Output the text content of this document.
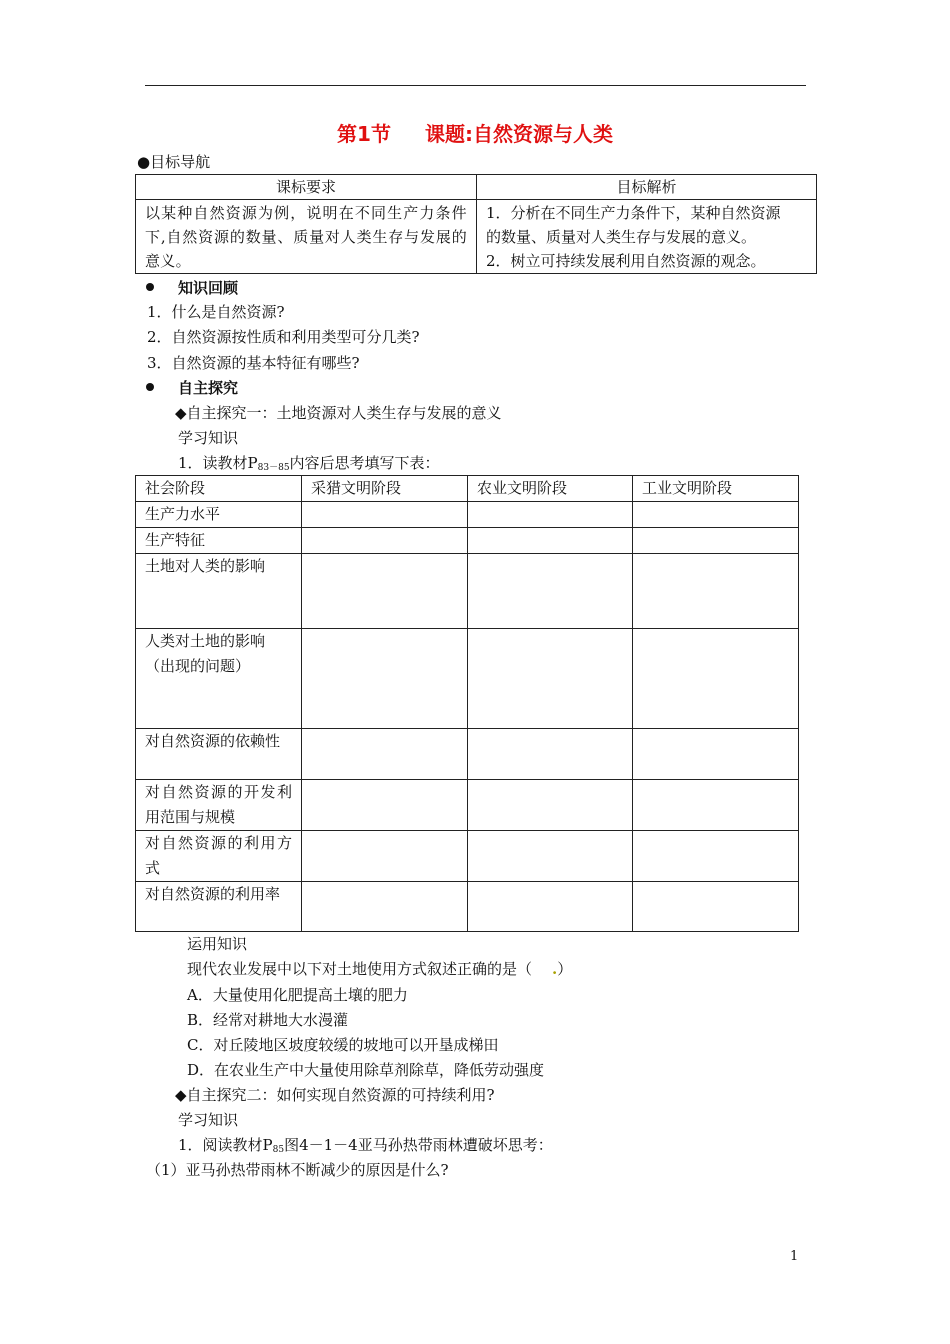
第1节 课题:自然资源与人类
●目标导航
课标要求	目标解析
以某种自然资源为例，说明在不同生产力条件下,自然资源的数量、质量对人类生存与发展的意义。	1．分析在不同生产力条件下，某种自然资源
的数量、质量对人类生存与发展的意义。
2．树立可持续发展利用自然资源的观念。
知识回顾
1．什么是自然资源?
2．自然资源按性质和利用类型可分几类?
3．自然资源的基本特征有哪些?
自主探究
◆自主探究一：土地资源对人类生存与发展的意义
学习知识
1．读教材$P_{83-85}$内容后思考填写下表：
社会阶段	采猎文明阶段	农业文明阶段	工业文明阶段
生产力水平			
生产特征			
土地对人类的影响			
人类对土地的影响（出现的问题）			
对自然资源的依赖性			
对自然资源的开发利用范围与规模			
对自然资源的利用方式			
对自然资源的利用率			
运用知识
现代农业发展中以下对土地使用方式叙述正确的是（ .）
A．大量使用化肥提高土壤的肥力
B．经常对耕地大水漫灌
C．对丘陵地区坡度较缓的坡地可以开垦成梯田
D．在农业生产中大量使用除草剂除草，降低劳动强度
◆自主探究二：如何实现自然资源的可持续利用?
学习知识
1．阅读教材$P_{85}$图4－1－4亚马孙热带雨林遭破坏思考：
（1）亚马孙热带雨林不断减少的原因是什么?
1
